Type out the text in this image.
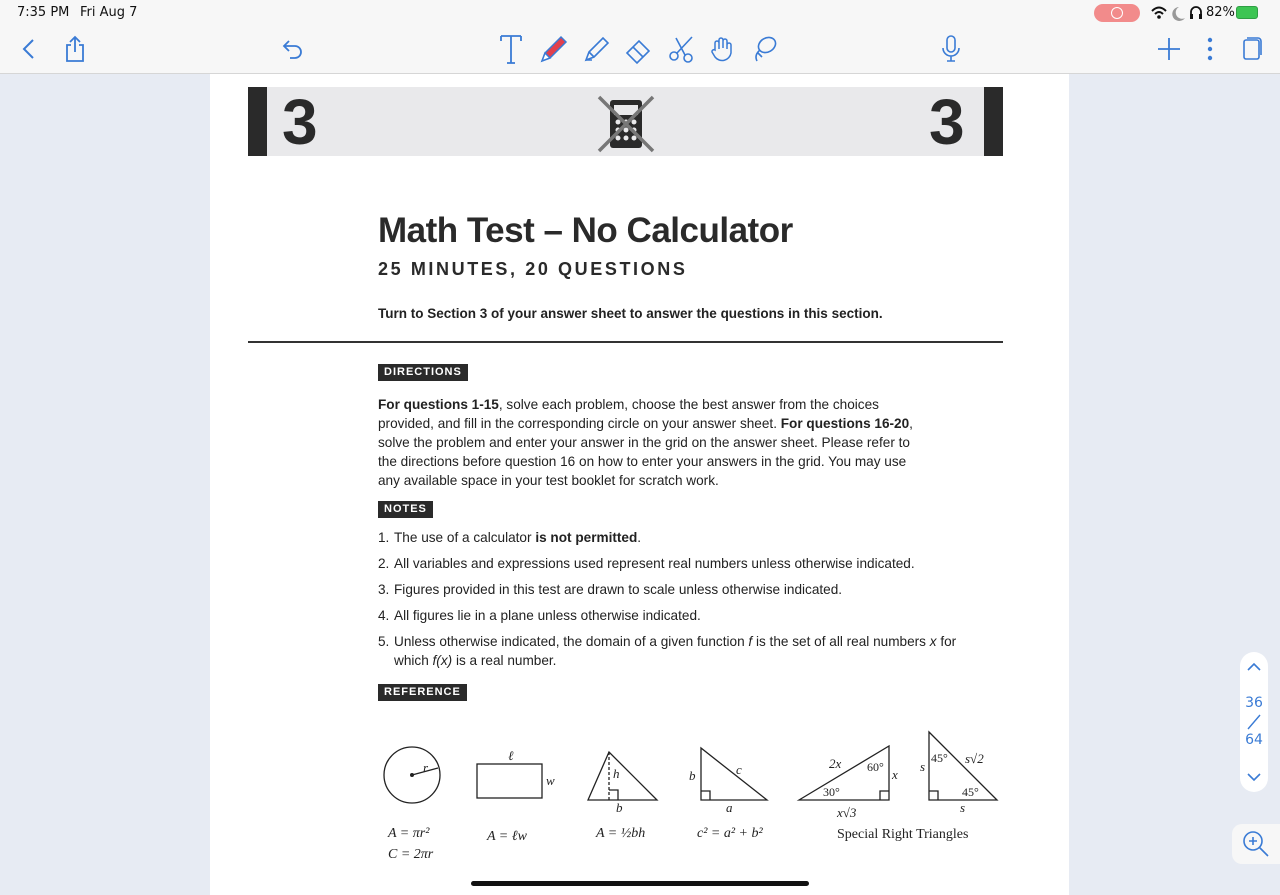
7:35 PM Fri Aug 7	82%
3	3
Math Test – No Calculator
25 MINUTES, 20 QUESTIONS
Turn to Section 3 of your answer sheet to answer the questions in this section.
DIRECTIONS
For questions 1-15, solve each problem, choose the best answer from the choices provided, and fill in the corresponding circle on your answer sheet. For questions 16-20, solve the problem and enter your answer in the grid on the answer sheet. Please refer to the directions before question 16 on how to enter your answers in the grid. You may use any available space in your test booklet for scratch work.
NOTES
1. The use of a calculator is not permitted.
2. All variables and expressions used represent real numbers unless otherwise indicated.
3. Figures provided in this test are drawn to scale unless otherwise indicated.
4. All figures lie in a plane unless otherwise indicated.
5. Unless otherwise indicated, the domain of a given function f is the set of all real numbers x for
which f(x) is a real number.
REFERENCE
r
ℓ
w	h
b
b	c
a
2x
x
x√3
s
s√2
s
60°
30°
45°
45°
A = πr²
C = 2πr
A = ℓw	A = ½bh	c² = a² + b²	Special Right Triangles
36
64
